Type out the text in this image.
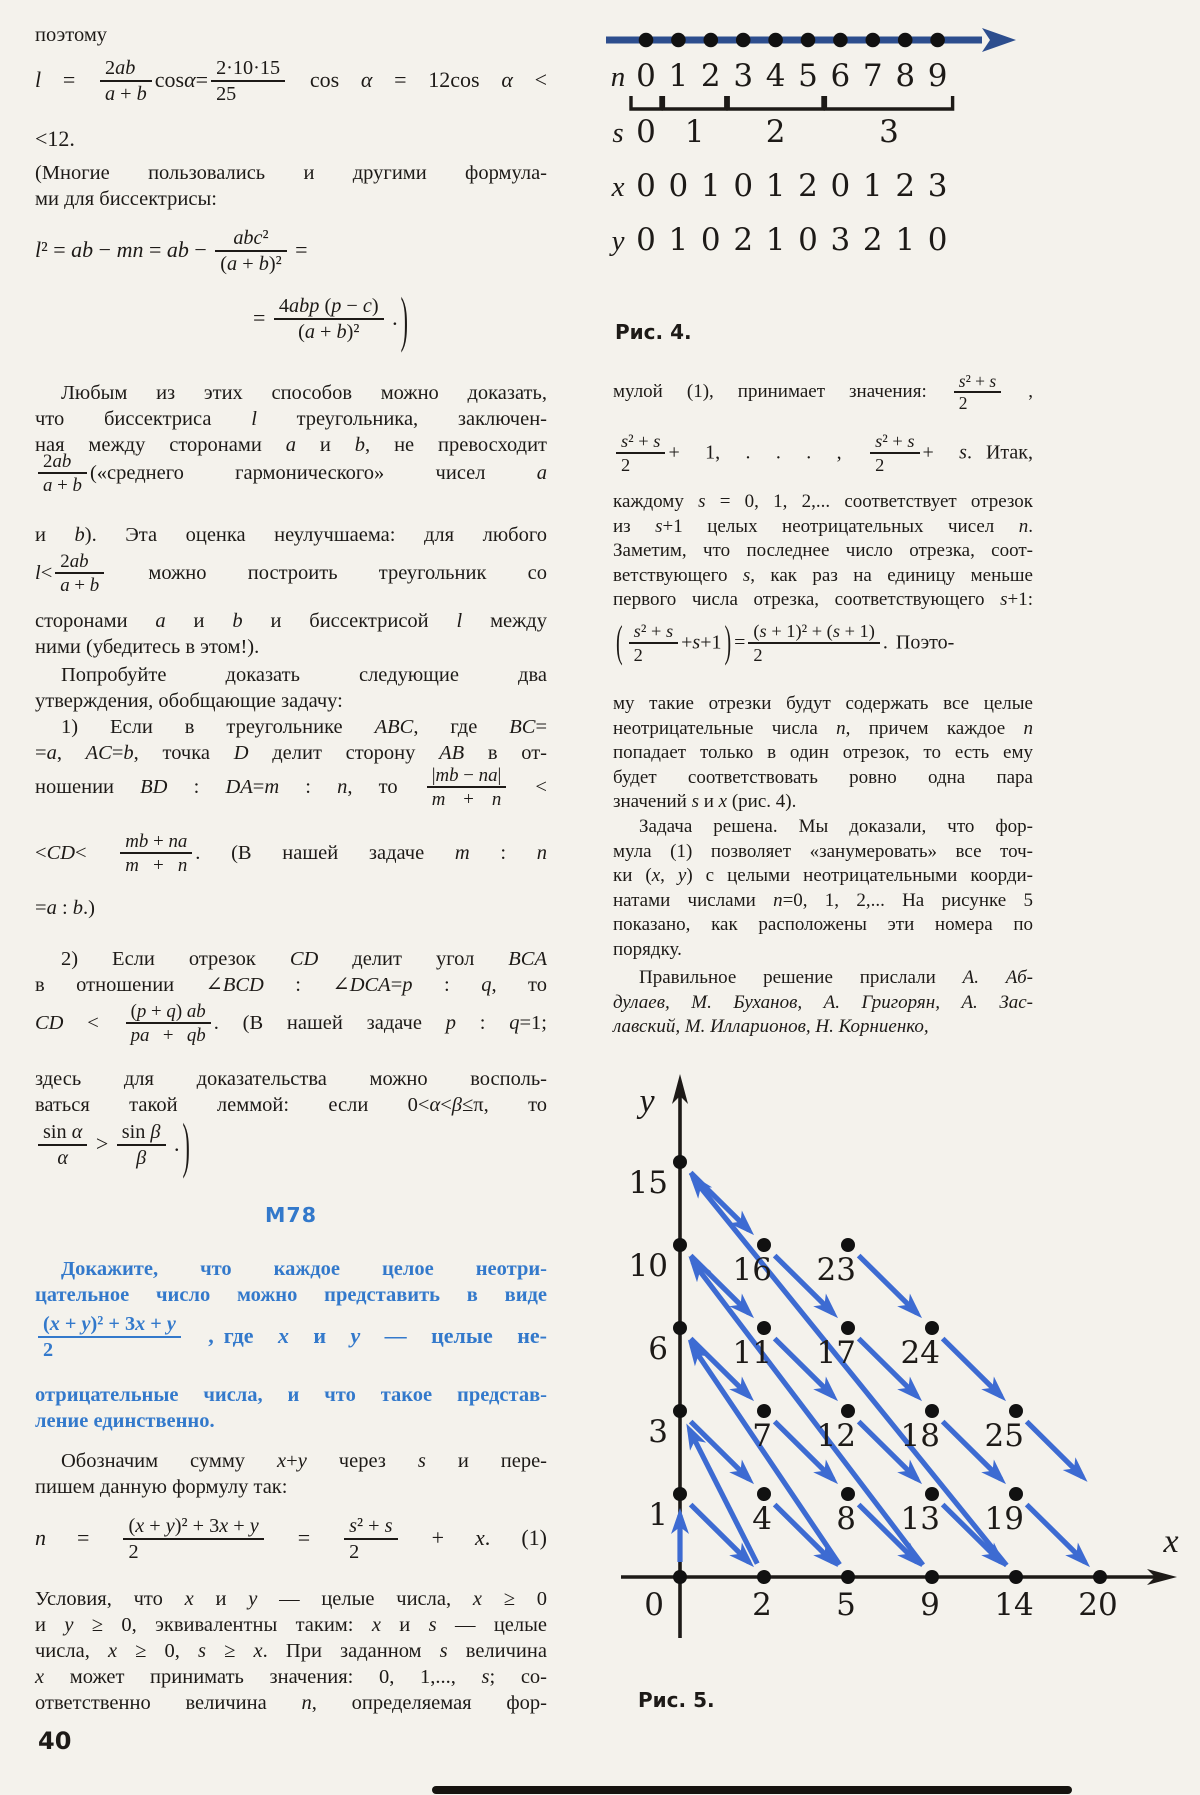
поэтому
$l = \frac{2ab}{a + b} \cos\alpha= \frac{2\cdot 10\cdot 15}{25}$ cos α = 12cos α <
<12.
(Многие пользовались и другими формула-
ми для биссектрисы:
l² = ab − mn = ab −	abc²
(a + b)²
=
= 4abp (p − c)
(a + b)²
. )
Любым из этих способов можно доказать,
что биссектриса l треугольника, заключен-
ная между сторонами a и b, не превосходит
$\frac{2ab}{a + b}$ («среднего гармонического» чисел a
и b). Эта оценка неулучшаема: для любого
$l< \frac{2ab}{a + b}$ можно построить треугольник со
сторонами a и b и биссектрисой l между
ними (убедитесь в этом!).
Попробуйте доказать следующие два
утверждения, обобщающие задачу:
1) Если в треугольнике ABC, где BC=
=a, AC=b, точка D делит сторону AB в от-
ношении BD : DA=m : n, то $\frac{|mb - na|}{m + n}$ <
$<CD< \frac{mb + na}{m + n}$ . (В нашей задаче m : n
=a : b.)
2) Если отрезок CD делит угол BCA
в отношении ∠BCD : ∠DCA=p : q, то
CD < $\frac{(p + q) ab}{pa + qb}$ . (В нашей задаче p : q=1;
здесь для доказательства можно восполь-
ваться такой леммой: если 0<α<β≤π, то
$\frac{\text{sin α}}{\alpha} > \frac{\text{sin β}}{\beta}$ . )
М78
Докажите, что каждое целое неотри-
цательное число можно представить в виде
$\frac{\text{(x + y)² + 3x + y}}{2}$ , где x и y — целые не-
отрицательные числа, и что такое представ-
ление единственно.
Обозначим сумму x+y через s и пере-
пишем данную формулу так:
$n = \frac{\text{(x + y)² + 3x + y}}{2} = \frac{\text{s² + s}}{2} + x$. (1)
Условия, что x и y — целые числа, x ≥ 0
и y ≥ 0, эквивалентны таким: x и s — целые
числа, x ≥ 0, s ≥ x. При заданном s величина
x может принимать значения: 0, 1,..., s; со-
ответственно величина n, определяемая фор-
n 0 1 2 3 4 5 6 7 8 9
s 0 1 2	3
x 0 0 1 0 1 2 0 1 2 3
y 0 1 0 2 1 0 3 2 1 0
Рис. 4.
мулой (1), принимает значения: $\frac{\text{s² + s}}{2}$ ,
$\frac{\text{s² + s}}{2} + 1$, . . . , $\frac{\text{s² + s}}{2} + s$. Итак,
каждому s = 0, 1, 2,... соответствует отрезок
из s+1 целых неотрицательных чисел n.
Заметим, что последнее число отрезка, соот-
ветствующего s, как раз на единицу меньше
первого числа отрезка, соответствующего s+1:
( $\frac{\text{s² + s}}{2} +s+1$ ) = $\frac{\text{(s + 1)² + (s + 1)}}{2}$ . Поэто-
му такие отрезки будут содержать все целые
неотрицательные числа n, причем каждое n
попадает только в один отрезок, то есть ему
будет соответствовать ровно одна пара
значений s и x (рис. 4).
Задача решена. Мы доказали, что фор-
мула (1) позволяет «занумеровать» все точ-
ки (x, y) с целыми неотрицательными коорди-
натами числами n=0, 1, 2,... На рисунке 5
показано, как расположены эти номера по
порядку.
Правильное решение прислали А. Аб-
дулаев, М. Буханов, А. Григорян, А. Зас-
лавский, М. Илларионов, Н. Корниенко,
y
x
0
1
2
3
4
5
6
7
8
9
10
11
12
13
14
15
16
17
18
19
20
23
24
25
Рис. 5.
40
